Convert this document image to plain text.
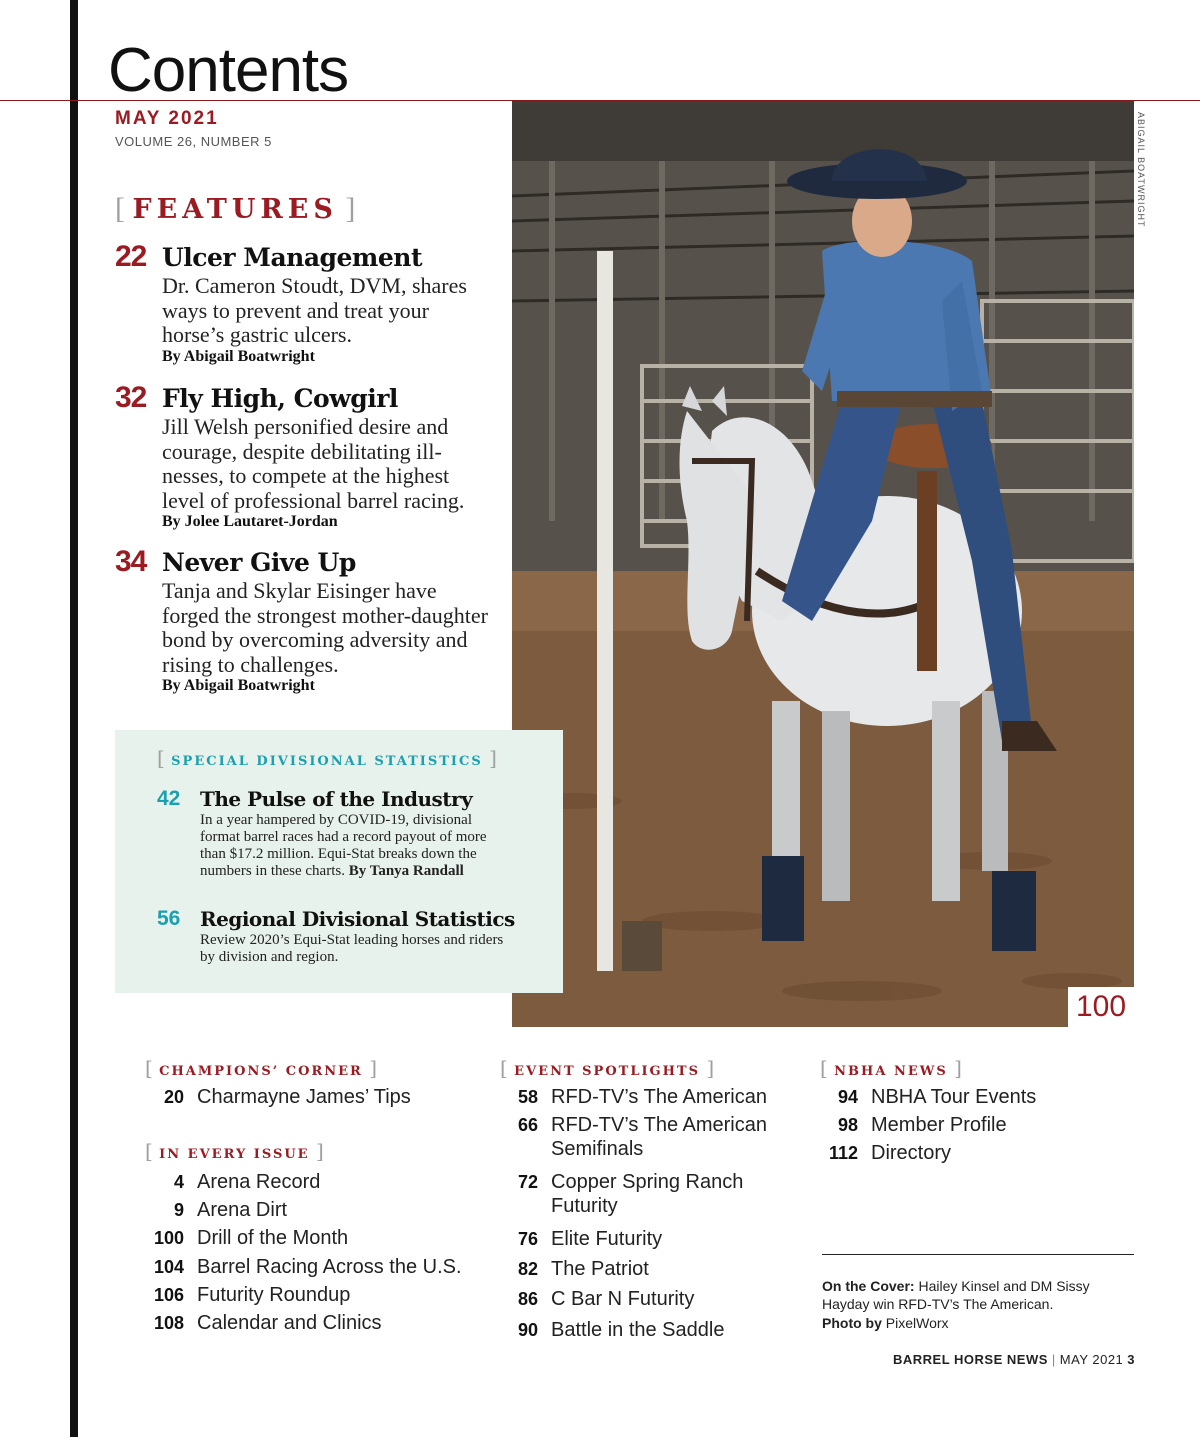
Contents
MAY 2021
VOLUME 26, NUMBER 5
[ FEATURES ]
22 Ulcer Management
Dr. Cameron Stoudt, DVM, shares ways to prevent and treat your horse’s gastric ulcers.
By Abigail Boatwright
32 Fly High, Cowgirl
Jill Welsh personified desire and courage, despite debilitating ill-nesses, to compete at the highest level of professional barrel racing.
By Jolee Lautaret-Jordan
34 Never Give Up
Tanja and Skylar Eisinger have forged the strongest mother-daughter bond by overcoming adversity and rising to challenges.
By Abigail Boatwright
100
ABIGAIL BOATWRIGHT
[ SPECIAL DIVISIONAL STATISTICS ]
42 The Pulse of the Industry
In a year hampered by COVID-19, divisional format barrel races had a record payout of more than $17.2 million. Equi-Stat breaks down the numbers in these charts. By Tanya Randall
56 Regional Divisional Statistics
Review 2020’s Equi-Stat leading horses and riders by division and region.
[ CHAMPIONS’ CORNER ]
20 Charmayne James’ Tips
[ IN EVERY ISSUE ]
4 Arena Record
9 Arena Dirt
100 Drill of the Month
104 Barrel Racing Across the U.S.
106 Futurity Roundup
108 Calendar and Clinics
[ EVENT SPOTLIGHTS ]
58 RFD-TV’s The American
66 RFD-TV’s The American Semifinals
72 Copper Spring Ranch Futurity
76 Elite Futurity
82 The Patriot
86 C Bar N Futurity
90 Battle in the Saddle
[ NBHA NEWS ]
94 NBHA Tour Events
98 Member Profile
112 Directory
On the Cover: Hailey Kinsel and DM Sissy Hayday win RFD-TV’s The American.
Photo by PixelWorx
BARREL HORSE NEWS | MAY 2021 3
